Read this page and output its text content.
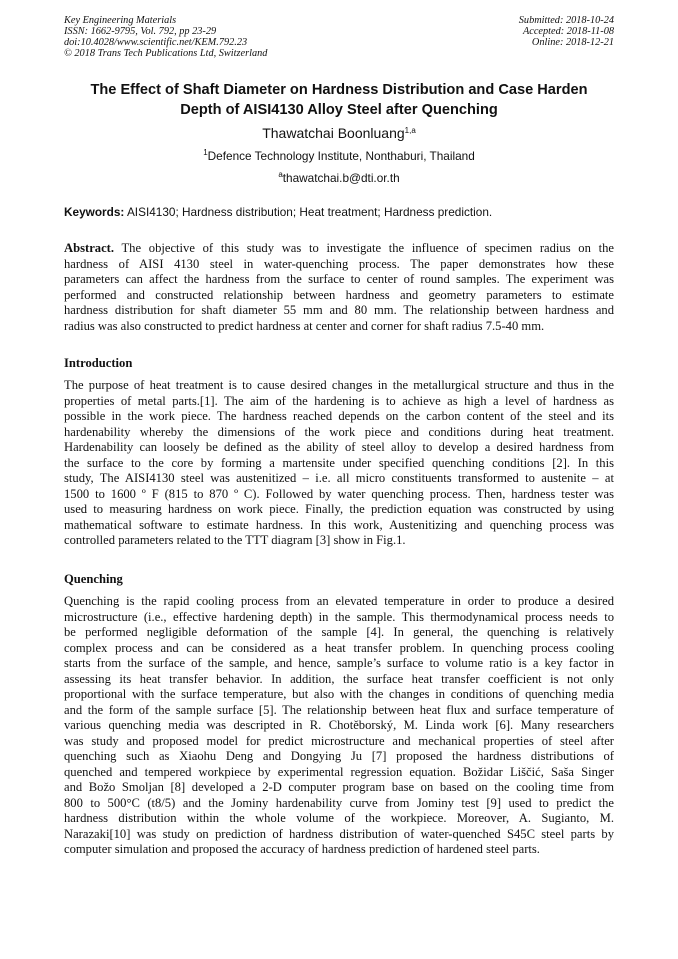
Key Engineering Materials
ISSN: 1662-9795, Vol. 792, pp 23-29
doi:10.4028/www.scientific.net/KEM.792.23
© 2018 Trans Tech Publications Ltd, Switzerland
Submitted: 2018-10-24
Accepted: 2018-11-08
Online: 2018-12-21
The Effect of Shaft Diameter on Hardness Distribution and Case Harden
Depth of AISI4130 Alloy Steel after Quenching
Thawatchai Boonluang$^{1,a}$
$^1$Defence Technology Institute, Nonthaburi, Thailand
$^a$thawatchai.b@dti.or.th
Keywords: AISI4130; Hardness distribution; Heat treatment; Hardness prediction.
Abstract. The objective of this study was to investigate the influence of specimen radius on the
hardness of AISI 4130 steel in water-quenching process. The paper demonstrates how these
parameters can affect the hardness from the surface to center of round samples. The experiment was
performed and constructed relationship between hardness and geometry parameters to estimate
hardness distribution for shaft diameter 55 mm and 80 mm. The relationship between hardness and
radius was also constructed to predict hardness at center and corner for shaft radius 7.5-40 mm.
Introduction
The purpose of heat treatment is to cause desired changes in the metallurgical structure and thus in the
properties of metal parts.[1]. The aim of the hardening is to achieve as high a level of hardness as
possible in the work piece. The hardness reached depends on the carbon content of the steel and its
hardenability whereby the dimensions of the work piece and conditions during heat treatment.
Hardenability can loosely be defined as the ability of steel alloy to develop a desired hardness from
the surface to the core by forming a martensite under specified quenching conditions [2]. In this
study, The AISI4130 steel was austenitized – i.e. all micro constituents transformed to austenite – at
1500 to 1600 º F (815 to 870 º C). Followed by water quenching process. Then, hardness tester was
used to measuring hardness on work piece. Finally, the prediction equation was constructed by using
mathematical software to estimate hardness. In this work, Austenitizing and quenching process was
controlled parameters related to the TTT diagram [3] show in Fig.1.
Quenching
Quenching is the rapid cooling process from an elevated temperature in order to produce a desired
microstructure (i.e., effective hardening depth) in the sample. This thermodynamical process needs to
be performed negligible deformation of the sample [4]. In general, the quenching is relatively
complex process and can be considered as a heat transfer problem. In quenching process cooling
starts from the surface of the sample, and hence, sample’s surface to volume ratio is a key factor in
assessing its heat transfer behavior. In addition, the surface heat transfer coefficient is not only
proportional with the surface temperature, but also with the changes in conditions of quenching media
and the form of the sample surface [5]. The relationship between heat flux and surface temperature of
various quenching media was descripted in R. Chotěborský, M. Linda work [6]. Many researchers
was study and proposed model for predict microstructure and mechanical properties of steel after
quenching such as Xiaohu Deng and Dongying Ju [7] proposed the hardness distributions of
quenched and tempered workpiece by experimental regression equation. Božidar Liščić, Saša Singer
and Božo Smoljan [8] developed a 2-D computer program base on based on the cooling time from
800 to 500°C (t8/5) and the Jominy hardenability curve from Jominy test [9] used to predict the
hardness distribution within the whole volume of the workpiece. Moreover, A. Sugianto, M.
Narazaki[10] was study on prediction of hardness distribution of water-quenched S45C steel parts by
computer simulation and proposed the accuracy of hardness prediction of hardened steel parts.
